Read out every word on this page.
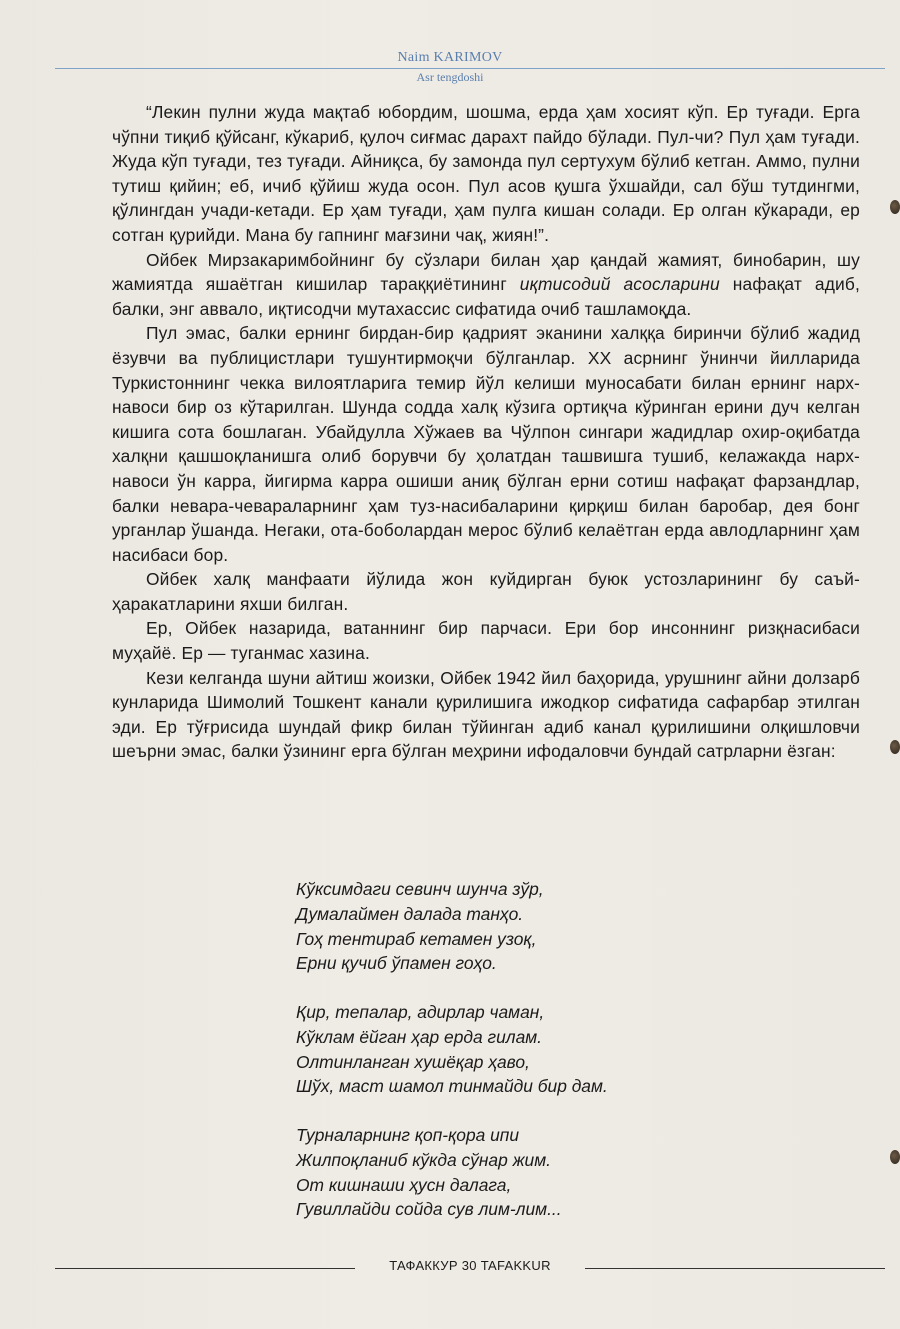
Naim KARIMOV
Asr tengdoshi

“Лекин пулни жуда мақтаб юбордим, шошма, ерда ҳам хосият кўп. Ер туғади. Ерга чўпни тиқиб қўйсанг, кўкариб, қулоч сиғмас дарахт пайдо бўлади. Пул-чи? Пул ҳам туғади. Жуда кўп туғади, тез туғади. Айниқса, бу замонда пул сертухум бўлиб кетган. Аммо, пулни тутиш қийин; еб, ичиб қўйиш жуда осон. Пул асов қушга ўхшайди, сал бўш тутдингми, қўлингдан учади-кетади. Ер ҳам туғади, ҳам пулга кишан солади. Ер олган кўкаради, ер сотган қурийди. Мана бу гапнинг мағзини чақ, жиян!”.

Ойбек Мирзакаримбойнинг бу сўзлари билан ҳар қандай жамият, бинобарин, шу жамиятда яшаётган кишилар тараққиётининг иқтисодий асосларини нафақат адиб, балки, энг аввало, иқтисодчи мутахассис сифатида очиб ташламоқда.

Пул эмас, балки ернинг бирдан-бир қадрият эканини халққа биринчи бўлиб жадид ёзувчи ва публицистлари тушунтирмоқчи бўлганлар. XX асрнинг ўнинчи йилларида Туркистоннинг чекка вилоятларига темир йўл келиши муносабати билан ернинг нарх-навоси бир оз кўтарилган. Шунда содда халқ кўзига ортиқча кўринган ерини дуч келган кишига сота бошлаган. Убайдулла Хўжаев ва Чўлпон сингари жадидлар охир-оқибатда халқни қашшоқланишга олиб борувчи бу ҳолатдан ташвишга тушиб, келажакда нарх-навоси ўн карра, йигирма карра ошиши аниқ бўлган ерни сотиш нафақат фарзандлар, балки невара-чевараларнинг ҳам туз-насибаларини қирқиш билан баробар, дея бонг урганлар ўшанда. Негаки, ота-боболардан мерос бўлиб келаётган ерда авлодларнинг ҳам насибаси бор.

Ойбек халқ манфаати йўлида жон куйдирган буюк устозларининг бу саъй-ҳаракатларини яхши билган.

Ер, Ойбек назарида, ватаннинг бир парчаси. Ери бор инсоннинг ризқнасибаси муҳайё. Ер — туганмас хазина.

Кези келганда шуни айтиш жоизки, Ойбек 1942 йил баҳорида, урушнинг айни долзарб кунларида Шимолий Тошкент канали қурилишига ижодкор сифатида сафарбар этилган эди. Ер тўғрисида шундай фикр билан тўйинган адиб канал қурилишини олқишловчи шеърни эмас, балки ўзининг ерга бўлган меҳрини ифодаловчи бундай сатрларни ёзган:

Кўксимдаги севинч шунча зўр,
Думалаймен далада танҳо.
Гоҳ тентираб кетамен узоқ,
Ерни қучиб ўпамен гоҳо.
Қир, тепалар, адирлар чаман,
Кўклам ёйган ҳар ерда гилам.
Олтинланган хушёқар ҳаво,
Шўх, маст шамол тинмайди бир дам.
Турналарнинг қоп-қора ипи
Жилпоқланиб кўкда сўнар жим.
От кишнаши ҳусн далага,
Гувиллайди сойда сув лим-лим...
ТАФАККУР 30 TAFAKKUR
